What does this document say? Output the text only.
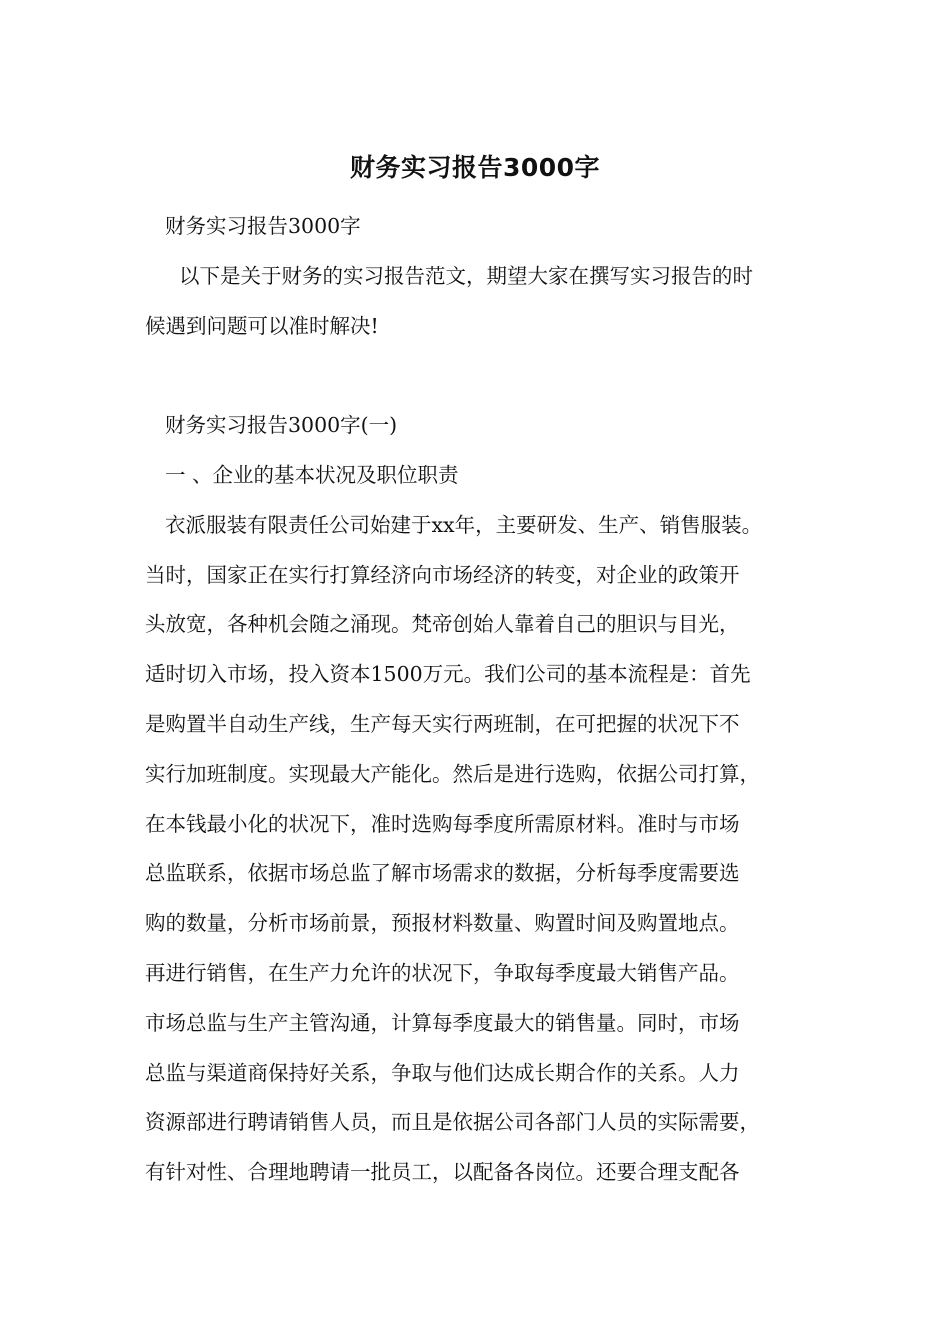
财务实习报告3000字
财务实习报告3000字
以下是关于财务的实习报告范文，期望大家在撰写实习报告的时
候遇到问题可以准时解决!
财务实习报告3000字(一)
一 、企业的基本状况及职位职责
衣派服装有限责任公司始建于xx年，主要研发、生产、销售服装。
当时，国家正在实行打算经济向市场经济的转变，对企业的政策开
头放宽，各种机会随之涌现。梵帝创始人靠着自己的胆识与目光，
适时切入市场，投入资本1500万元。我们公司的基本流程是：首先
是购置半自动生产线，生产每天实行两班制，在可把握的状况下不
实行加班制度。实现最大产能化。然后是进行选购，依据公司打算，
在本钱最小化的状况下，准时选购每季度所需原材料。准时与市场
总监联系，依据市场总监了解市场需求的数据，分析每季度需要选
购的数量，分析市场前景，预报材料数量、购置时间及购置地点。
再进行销售，在生产力允许的状况下，争取每季度最大销售产品。
市场总监与生产主管沟通，计算每季度最大的销售量。同时，市场
总监与渠道商保持好关系，争取与他们达成长期合作的关系。人力
资源部进行聘请销售人员，而且是依据公司各部门人员的实际需要，
有针对性、合理地聘请一批员工，以配备各岗位。还要合理支配各
